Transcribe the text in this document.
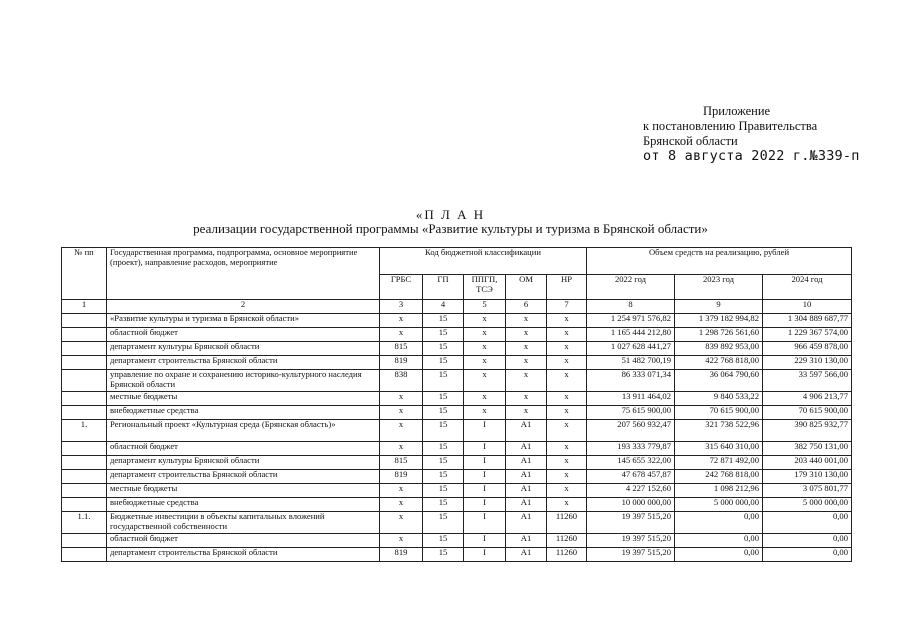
Приложение
к постановлению Правительства
Брянской области
от 8 августа 2022 г.№339-п
«П Л А Н
реализации государственной программы «Развитие культуры и туризма в Брянской области»
№ пп	Государственная программа, подпрограмма, основное мероприятие (проект), направление расходов, мероприятие	Код бюджетной классификации					Объем средств на реализацию, рублей		
		ГРБС	ГП	ППГП, ТСЭ	ОМ	НР	2022 год	2023 год	2024 год
1	2	3	4	5	6	7	8	9	10
	«Развитие культуры и туризма в Брянской области»	x	15	x	x	x	1 254 971 576,82	1 379 182 994,82	1 304 889 687,77
	областной бюджет	x	15	x	x	x	1 165 444 212,80	1 298 726 561,60	1 229 367 574,00
	департамент культуры Брянской области	815	15	x	x	x	1 027 628 441,27	839 892 953,00	966 459 878,00
	департамент строительства Брянской области	819	15	x	x	x	51 482 700,19	422 768 818,00	229 310 130,00
	управление по охране и сохранению историко-культурного наследия Брянской области	838	15	x	x	x	86 333 071,34	36 064 790,60	33 597 566,00
	местные бюджеты	x	15	x	x	x	13 911 464,02	9 840 533,22	4 906 213,77
	внебюджетные средства	x	15	x	x	x	75 615 900,00	70 615 900,00	70 615 900,00
1.	Региональный проект «Культурная среда (Брянская область)»	x	15	I	A1	x	207 560 932,47	321 738 522,96	390 825 932,77
	областной бюджет	x	15	I	A1	x	193 333 779,87	315 640 310,00	382 750 131,00
	департамент культуры Брянской области	815	15	I	A1	x	145 655 322,00	72 871 492,00	203 440 001,00
	департамент строительства Брянской области	819	15	I	A1	x	47 678 457,87	242 768 818,00	179 310 130,00
	местные бюджеты	x	15	I	A1	x	4 227 152,60	1 098 212,96	3 075 801,77
	внебюджетные средства	x	15	I	A1	x	10 000 000,00	5 000 000,00	5 000 000,00
1.1.	Бюджетные инвестиции в объекты капитальных вложений государственной собственности	x	15	I	A1	11260	19 397 515,20	0,00	0,00
	областной бюджет	x	15	I	A1	11260	19 397 515,20	0,00	0,00
	департамент строительства Брянской области	819	15	I	A1	11260	19 397 515,20	0,00	0,00
